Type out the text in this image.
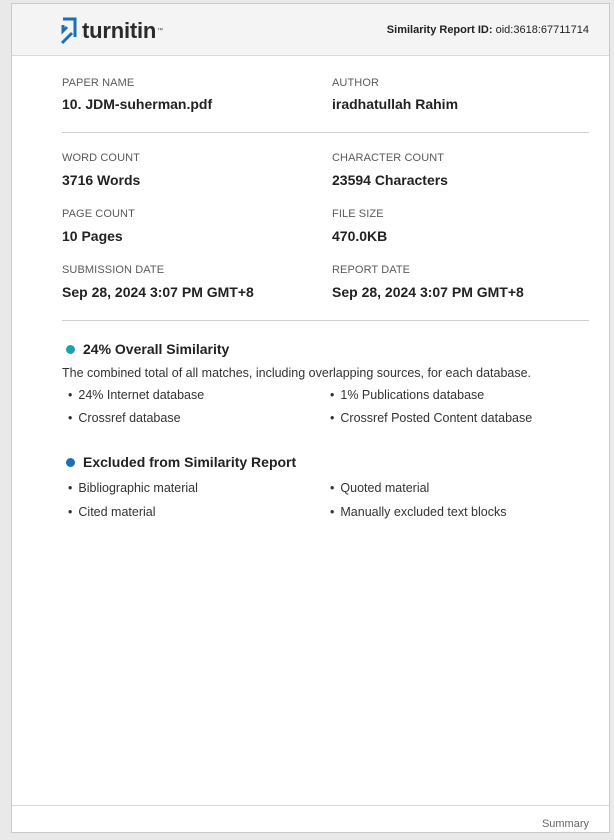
turnitin ™	Similarity Report ID: oid:3618:67711714
PAPER NAME
10. JDM-suherman.pdf
AUTHOR
iradhatullah Rahim
WORD COUNT
3716 Words
CHARACTER COUNT
23594 Characters
PAGE COUNT
10 Pages
FILE SIZE
470.0KB
SUBMISSION DATE
Sep 28, 2024 3:07 PM GMT+8
REPORT DATE
Sep 28, 2024 3:07 PM GMT+8
24% Overall Similarity
The combined total of all matches, including overlapping sources, for each database.
• 24% Internet database	• 1% Publications database
• Crossref database	• Crossref Posted Content database
Excluded from Similarity Report
• Bibliographic material	• Quoted material
• Cited material	• Manually excluded text blocks
Summary
